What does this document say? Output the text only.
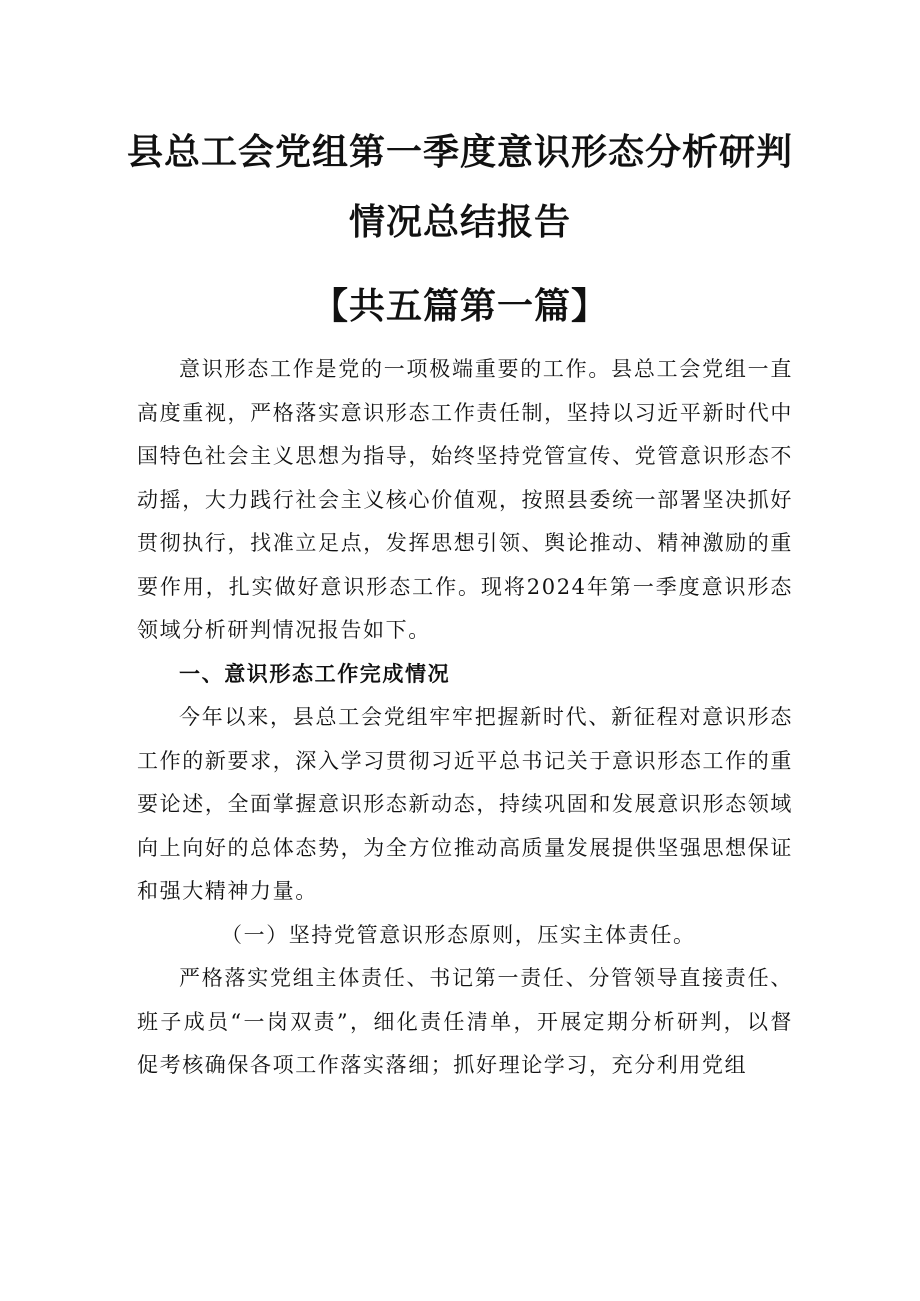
县总工会党组第一季度意识形态分析研判
情况总结报告
【共五篇第一篇】

意识形态工作是党的一项极端重要的工作。县总工会党组一直高度重视，严格落实意识形态工作责任制，坚持以习近平新时代中国特色社会主义思想为指导，始终坚持党管宣传、党管意识形态不动摇，大力践行社会主义核心价值观，按照县委统一部署坚决抓好贯彻执行，找准立足点，发挥思想引领、舆论推动、精神激励的重要作用，扎实做好意识形态工作。现将2024年第一季度意识形态领域分析研判情况报告如下。

一、意识形态工作完成情况

今年以来，县总工会党组牢牢把握新时代、新征程对意识形态工作的新要求，深入学习贯彻习近平总书记关于意识形态工作的重要论述，全面掌握意识形态新动态，持续巩固和发展意识形态领域向上向好的总体态势，为全方位推动高质量发展提供坚强思想保证和强大精神力量。

（一）坚持党管意识形态原则，压实主体责任。

严格落实党组主体责任、书记第一责任、分管领导直接责任、班子成员“一岗双责”，细化责任清单，开展定期分析研判，以督促考核确保各项工作落实落细；抓好理论学习，充分利用党组
